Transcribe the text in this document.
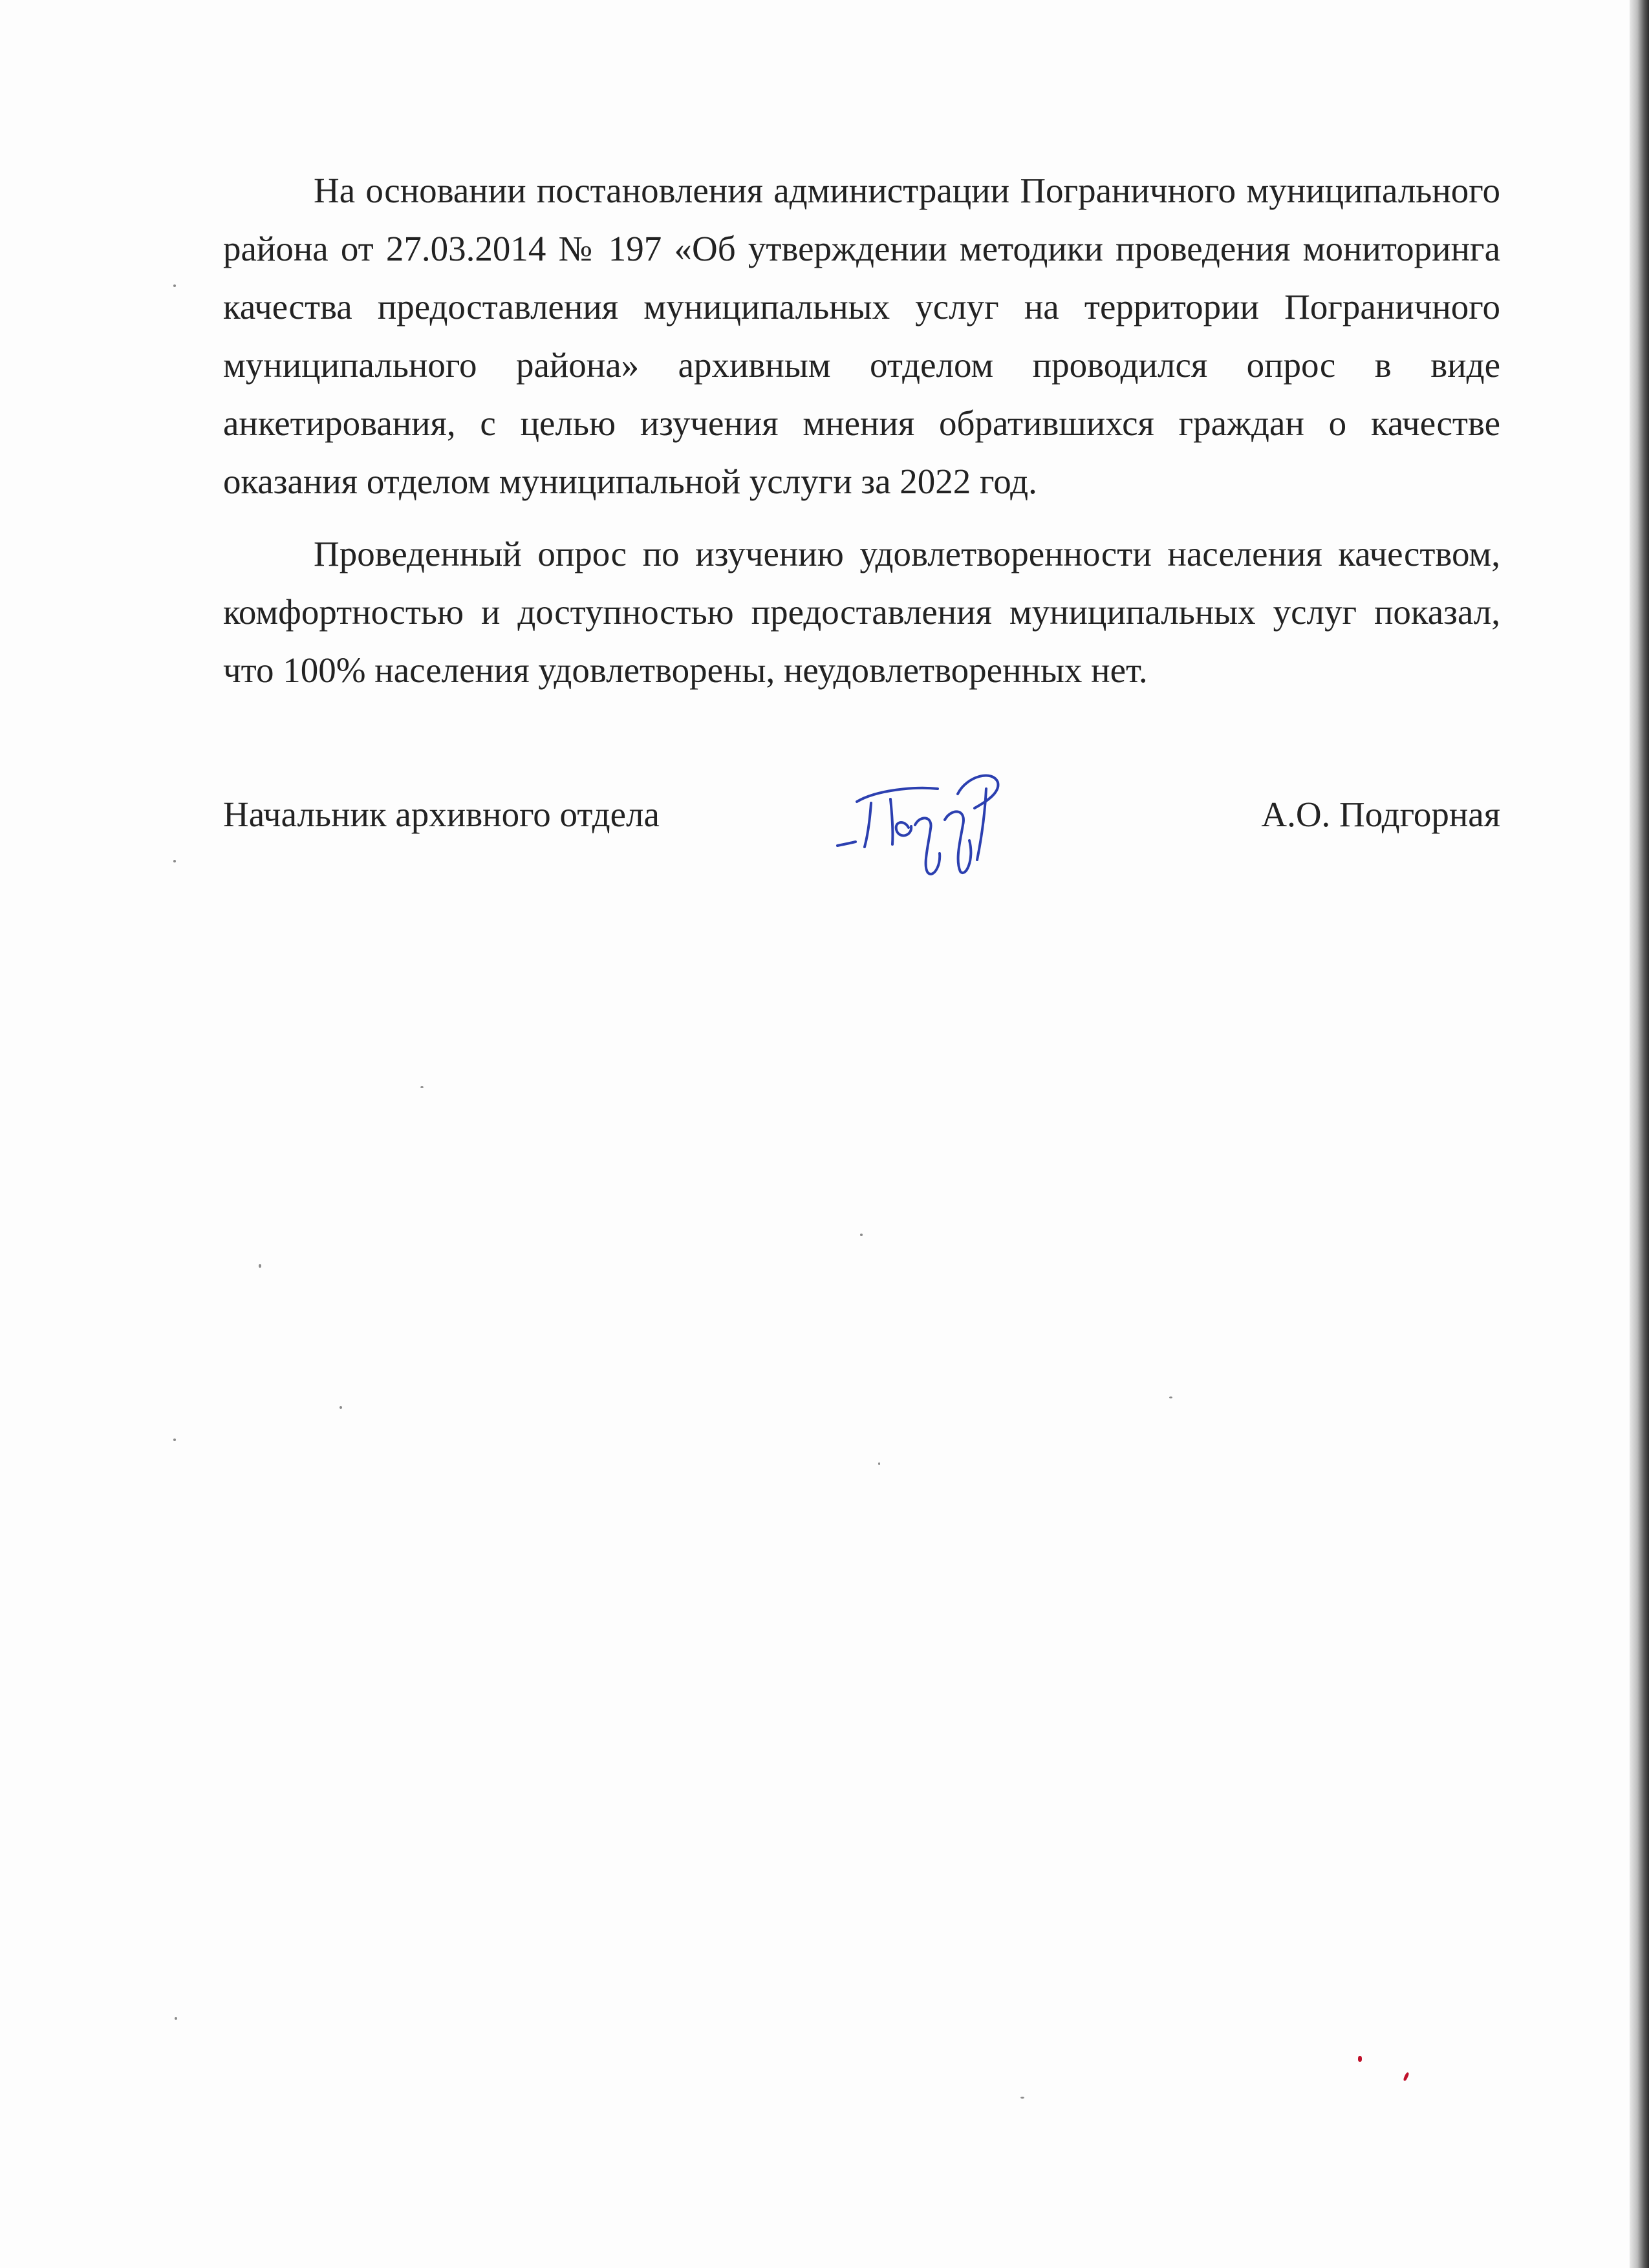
На основании постановления администрации Пограничного муниципального района от 27.03.2014 № 197 «Об утверждении методики проведения мониторинга качества предоставления муниципальных услуг на территории Пограничного муниципального района» архивным отделом проводился опрос в виде анкетирования, с целью изучения мнения обратившихся граждан о качестве оказания отделом муниципальной услуги за 2022 год.

Проведенный опрос по изучению удовлетворенности населения качеством, комфортностью и доступностью предоставления муниципальных услуг показал, что 100% населения удовлетворены, неудовлетворенных нет.

Начальник архивного отдела	А.О. Подгорная
